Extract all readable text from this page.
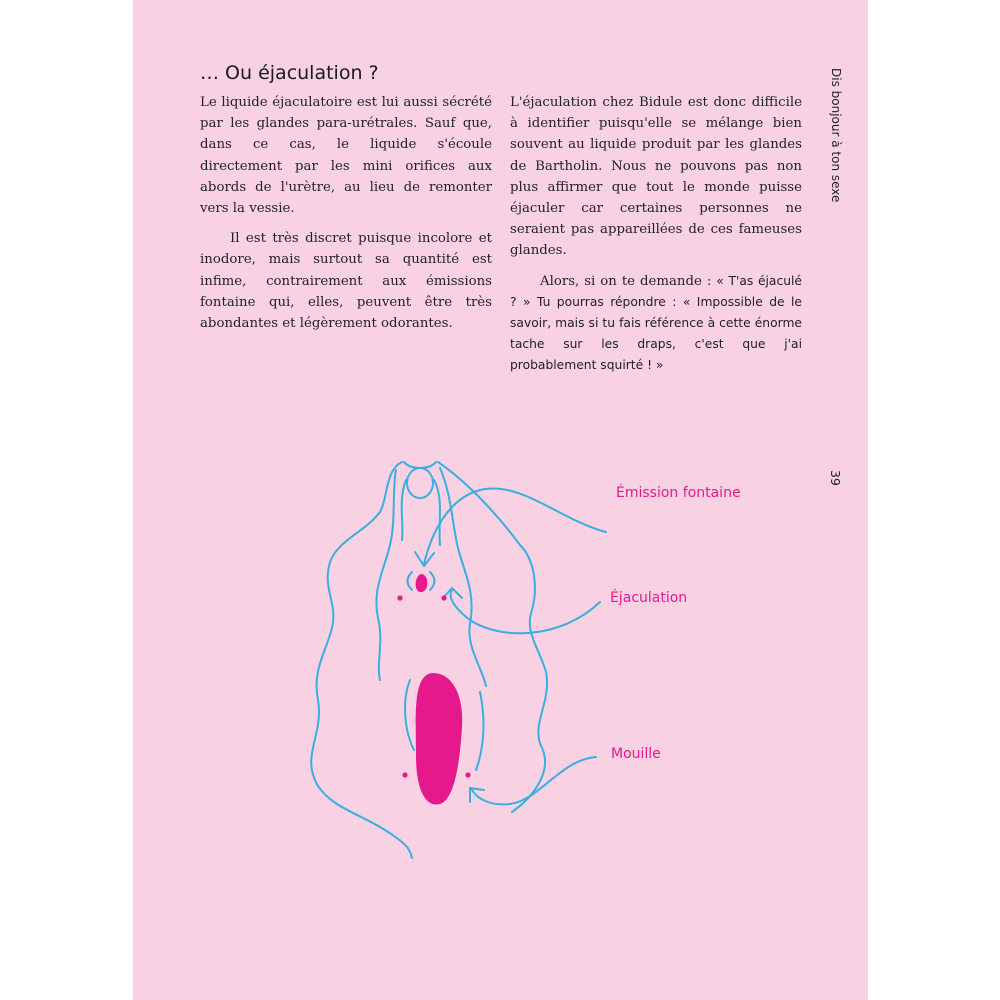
… Ou éjaculation ?

Le liquide éjaculatoire est lui aussi sécrété par les glandes para-urétrales. Sauf que, dans ce cas, le liquide s'écoule directement par les mini orifices aux abords de l'urètre, au lieu de remonter vers la vessie.

Il est très discret puisque incolore et inodore, mais surtout sa quantité est infime, contrairement aux émissions fontaine qui, elles, peuvent être très abondantes et légèrement odorantes.

L'éjaculation chez Bidule est donc difficile à identifier puisqu'elle se mélange bien souvent au liquide produit par les glandes de Bartholin. Nous ne pouvons pas non plus affirmer que tout le monde puisse éjaculer car certaines personnes ne seraient pas appareillées de ces fameuses glandes.

Alors, si on te demande : « T'as éjaculé ? » Tu pourras répondre : « Impossible de le savoir, mais si tu fais référence à cette énorme tache sur les draps, c'est que j'ai probablement squirté ! »

Dis bonjour à ton sexe
39
Émission fontaine
Éjaculation
Mouille
